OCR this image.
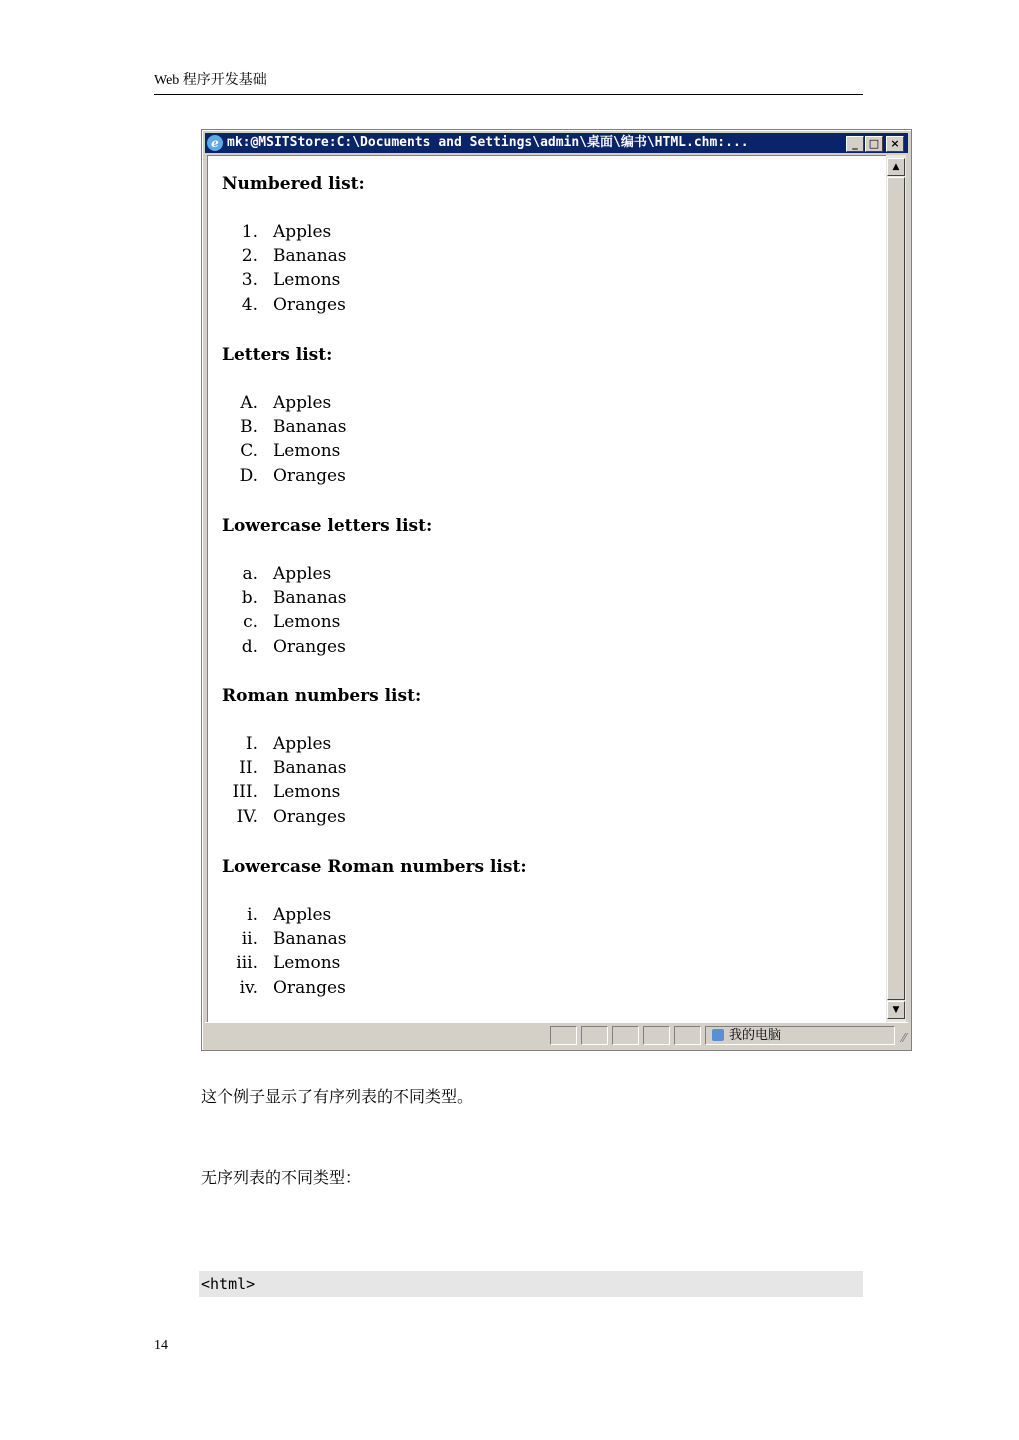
Web 程序开发基础
e mk:@MSITStore:C:\Documents and Settings\admin\桌面\编书\HTML.chm:...	_	□	×
Numbered list:
1. Apples
2. Bananas
3. Lemons
4. Oranges
Letters list:
A. Apples
B. Bananas
C. Lemons
D. Oranges
Lowercase letters list:
a. Apples
b. Bananas
c. Lemons
d. Oranges
Roman numbers list:
I. Apples
II. Bananas
III. Lemons
IV. Oranges
Lowercase Roman numbers list:
i. Apples
ii. Bananas
iii. Lemons
iv. Oranges
▲
▼
我的电脑	⁄⁄
这个例子显示了有序列表的不同类型。
无序列表的不同类型：
<html>
14
